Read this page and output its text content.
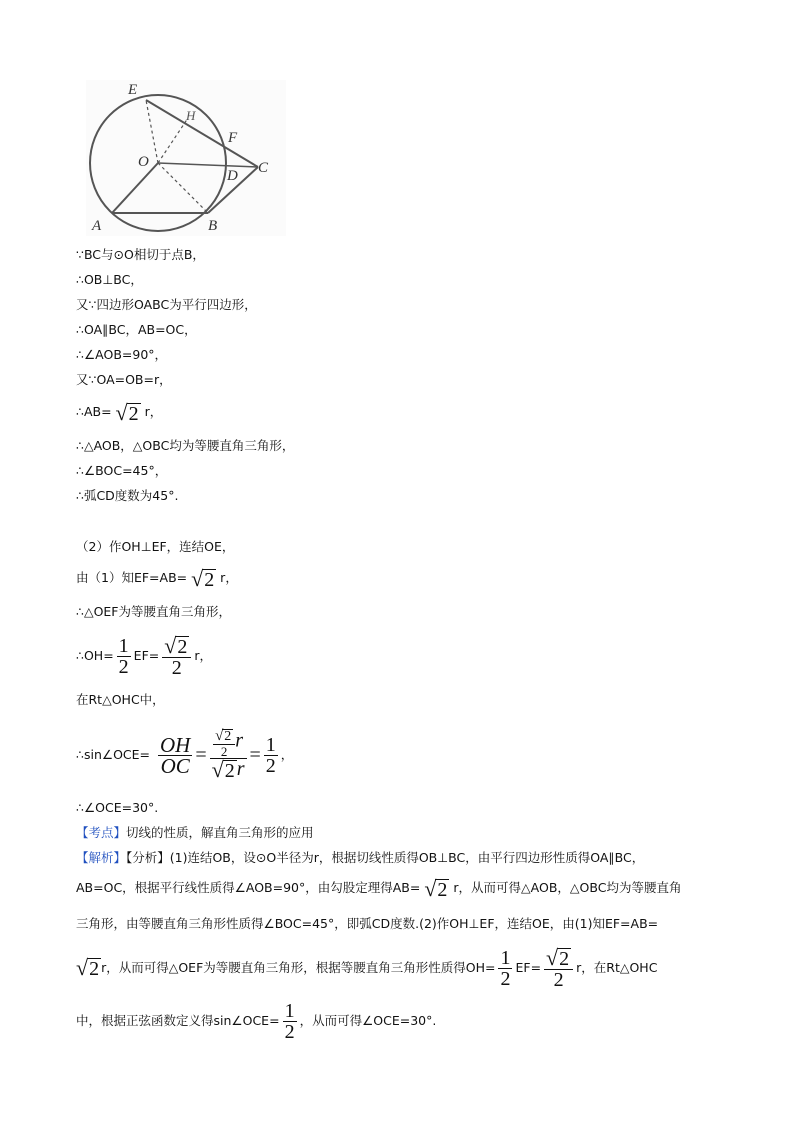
E
H
F
O	C
D
A	B
∵BC与⊙O相切于点B，
∴OB⊥BC，
又∵四边形OABC为平行四边形，
∴OA∥BC，AB=OC，
∴∠AOB=90°，
又∵OA=OB=r，
∴AB= √ 2 r，
∴△AOB，△OBC均为等腰直角三角形，
∴∠BOC=45°，
∴弧CD度数为45°.
（2）作OH⊥EF，连结OE，
由（1）知EF=AB= √ 2 r，
∴△OEF为等腰直角三角形，
∴OH= $\frac{1}{2} EF= \frac{√ 2}{2}$ r ，
在Rt△OHC中，
∴sin∠OCE= $\frac{OH}{OC} = \frac{\frac{√ 2}{2} r}{√ 2 r} = \frac{1}{2}$ ，
∴∠OCE=30°.
【考点】切线的性质，解直角三角形的应用
【解析】【分析】(1)连结OB，设⊙O半径为r，根据切线性质得OB⊥BC，由平行四边形性质得OA∥BC，
AB=OC，根据平行线性质得∠AOB=90°，由勾股定理得AB= √ 2 r，从而可得△AOB，△OBC均为等腰直角
三角形，由等腰直角三角形性质得∠BOC=45°，即弧CD度数.(2)作OH⊥EF，连结OE，由(1)知EF=AB=
√ 2 r，从而可得△OEF为等腰直角三角形，根据等腰直角三角形性质得$OH= \frac{1}{2} EF= \frac{√ 2}{2}$ r，在Rt△OHC
中，根据正弦函数定义得sin∠OCE= $\frac{1}{2}$ ，从而可得∠OCE=30°.
